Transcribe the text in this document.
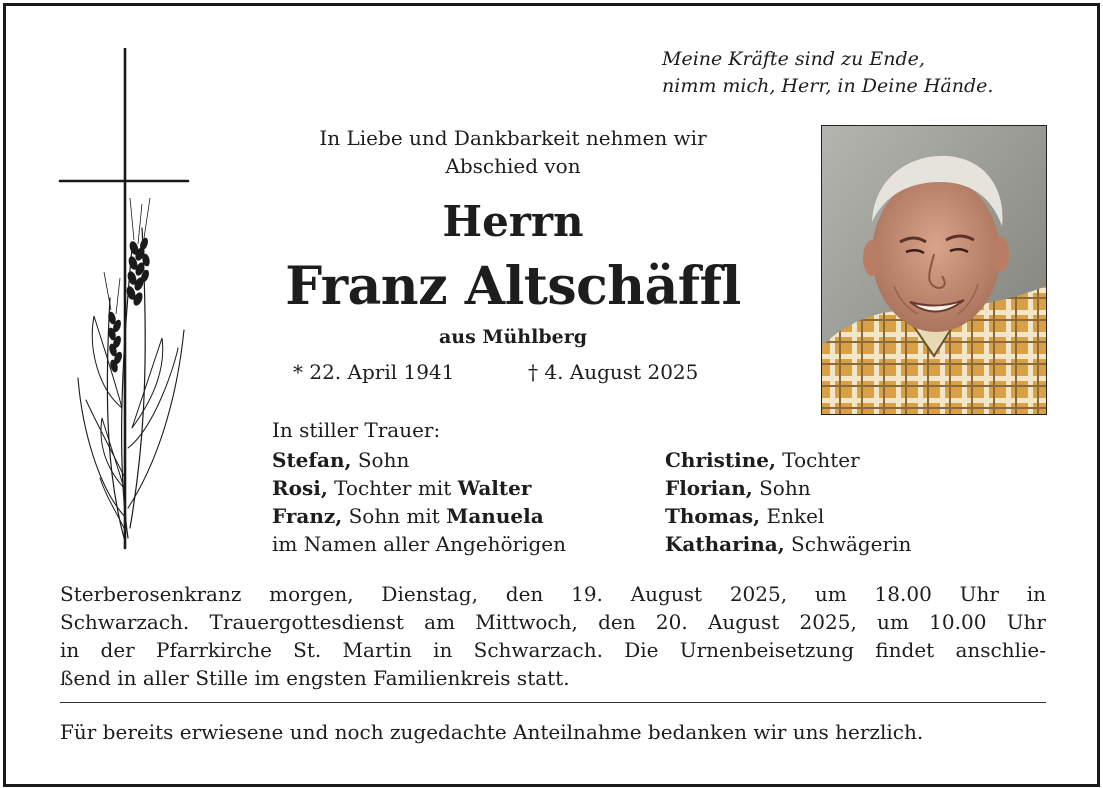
Meine Kräfte sind zu Ende,
nimm mich, Herr, in Deine Hände.
In Liebe und Dankbarkeit nehmen wir
Abschied von
Herrn
Franz Altschäffl
aus Mühlberg
* 22. April 1941	† 4. August 2025
In stiller Trauer:
Stefan, Sohn
Rosi, Tochter mit Walter
Franz, Sohn mit Manuela
im Namen aller Angehörigen
Christine, Tochter
Florian, Sohn
Thomas, Enkel
Katharina, Schwägerin
Sterberosenkranz morgen, Dienstag, den 19. August 2025, um 18.00 Uhr in
Schwarzach. Trauergottesdienst am Mittwoch, den 20. August 2025, um 10.00 Uhr
in der Pfarrkirche St. Martin in Schwarzach. Die Urnenbeisetzung findet anschlie-
ßend in aller Stille im engsten Familienkreis statt.
Für bereits erwiesene und noch zugedachte Anteilnahme bedanken wir uns herzlich.
